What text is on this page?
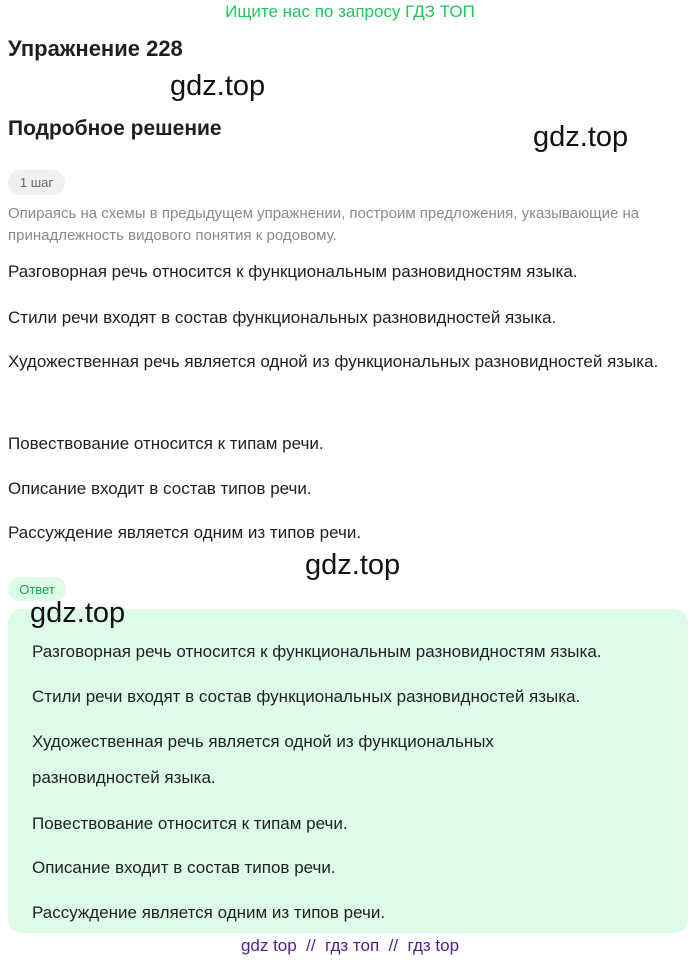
Ищите нас по запросу ГДЗ ТОП
Упражнение 228
gdz.top
Подробное решение	gdz.top
1 шаг
Опираясь на схемы в предыдущем упражнении, построим предложения, указывающие на принадлежность видового понятия к родовому.
Разговорная речь относится к функциональным разновидностям языка.
Стили речи входят в состав функциональных разновидностей языка.
Художественная речь является одной из функциональных разновидностей языка.
Повествование относится к типам речи.
Описание входит в состав типов речи.
Рассуждение является одним из типов речи.
gdz.top
Ответ
Разговорная речь относится к функциональным разновидностям языка.
Стили речи входят в состав функциональных разновидностей языка.
Художественная речь является одной из функциональных разновидностей языка.
Повествование относится к типам речи.
Описание входит в состав типов речи.
Рассуждение является одним из типов речи.
gdz.top
gdz top  //  гдз топ  //  гдз top
